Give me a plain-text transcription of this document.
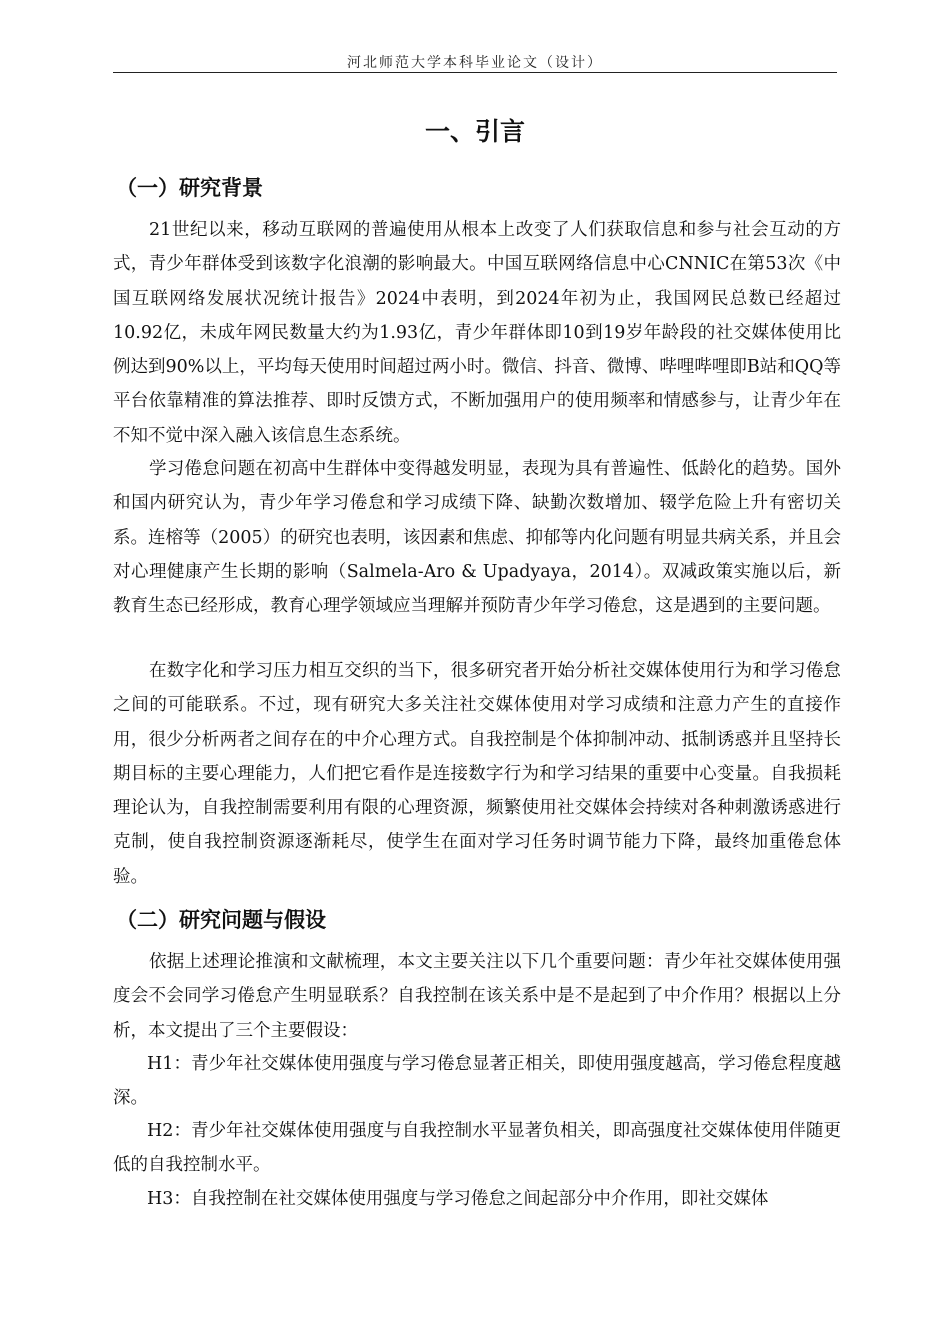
河北师范大学本科毕业论文（设计）
一、引言
（一）研究背景

21世纪以来，移动互联网的普遍使用从根本上改变了人们获取信息和参与社会互动的方式，青少年群体受到该数字化浪潮的影响最大。中国互联网络信息中心CNNIC在第53次《中国互联网络发展状况统计报告》2024中表明，到2024年初为止，我国网民总数已经超过10.92亿，未成年网民数量大约为1.93亿，青少年群体即10到19岁年龄段的社交媒体使用比例达到90%以上，平均每天使用时间超过两小时。微信、抖音、微博、哔哩哔哩即B站和QQ等平台依靠精准的算法推荐、即时反馈方式，不断加强用户的使用频率和情感参与，让青少年在不知不觉中深入融入该信息生态系统。

学习倦怠问题在初高中生群体中变得越发明显，表现为具有普遍性、低龄化的趋势。国外和国内研究认为，青少年学习倦怠和学习成绩下降、缺勤次数增加、辍学危险上升有密切关系。连榕等（2005）的研究也表明，该因素和焦虑、抑郁等内化问题有明显共病关系，并且会对心理健康产生长期的影响（Salmela-Aro & Upadyaya，2014）。双减政策实施以后，新教育生态已经形成，教育心理学领域应当理解并预防青少年学习倦怠，这是遇到的主要问题。

在数字化和学习压力相互交织的当下，很多研究者开始分析社交媒体使用行为和学习倦怠之间的可能联系。不过，现有研究大多关注社交媒体使用对学习成绩和注意力产生的直接作用，很少分析两者之间存在的中介心理方式。自我控制是个体抑制冲动、抵制诱惑并且坚持长期目标的主要心理能力，人们把它看作是连接数字行为和学习结果的重要中心变量。自我损耗理论认为，自我控制需要利用有限的心理资源，频繁使用社交媒体会持续对各种刺激诱惑进行克制，使自我控制资源逐渐耗尽，使学生在面对学习任务时调节能力下降，最终加重倦怠体验。

（二）研究问题与假设

依据上述理论推演和文献梳理，本文主要关注以下几个重要问题：青少年社交媒体使用强度会不会同学习倦怠产生明显联系？自我控制在该关系中是不是起到了中介作用？根据以上分析，本文提出了三个主要假设：

H1：青少年社交媒体使用强度与学习倦怠显著正相关，即使用强度越高，学习倦怠程度越深。

H2：青少年社交媒体使用强度与自我控制水平显著负相关，即高强度社交媒体使用伴随更低的自我控制水平。

H3：自我控制在社交媒体使用强度与学习倦怠之间起部分中介作用，即社交媒体
